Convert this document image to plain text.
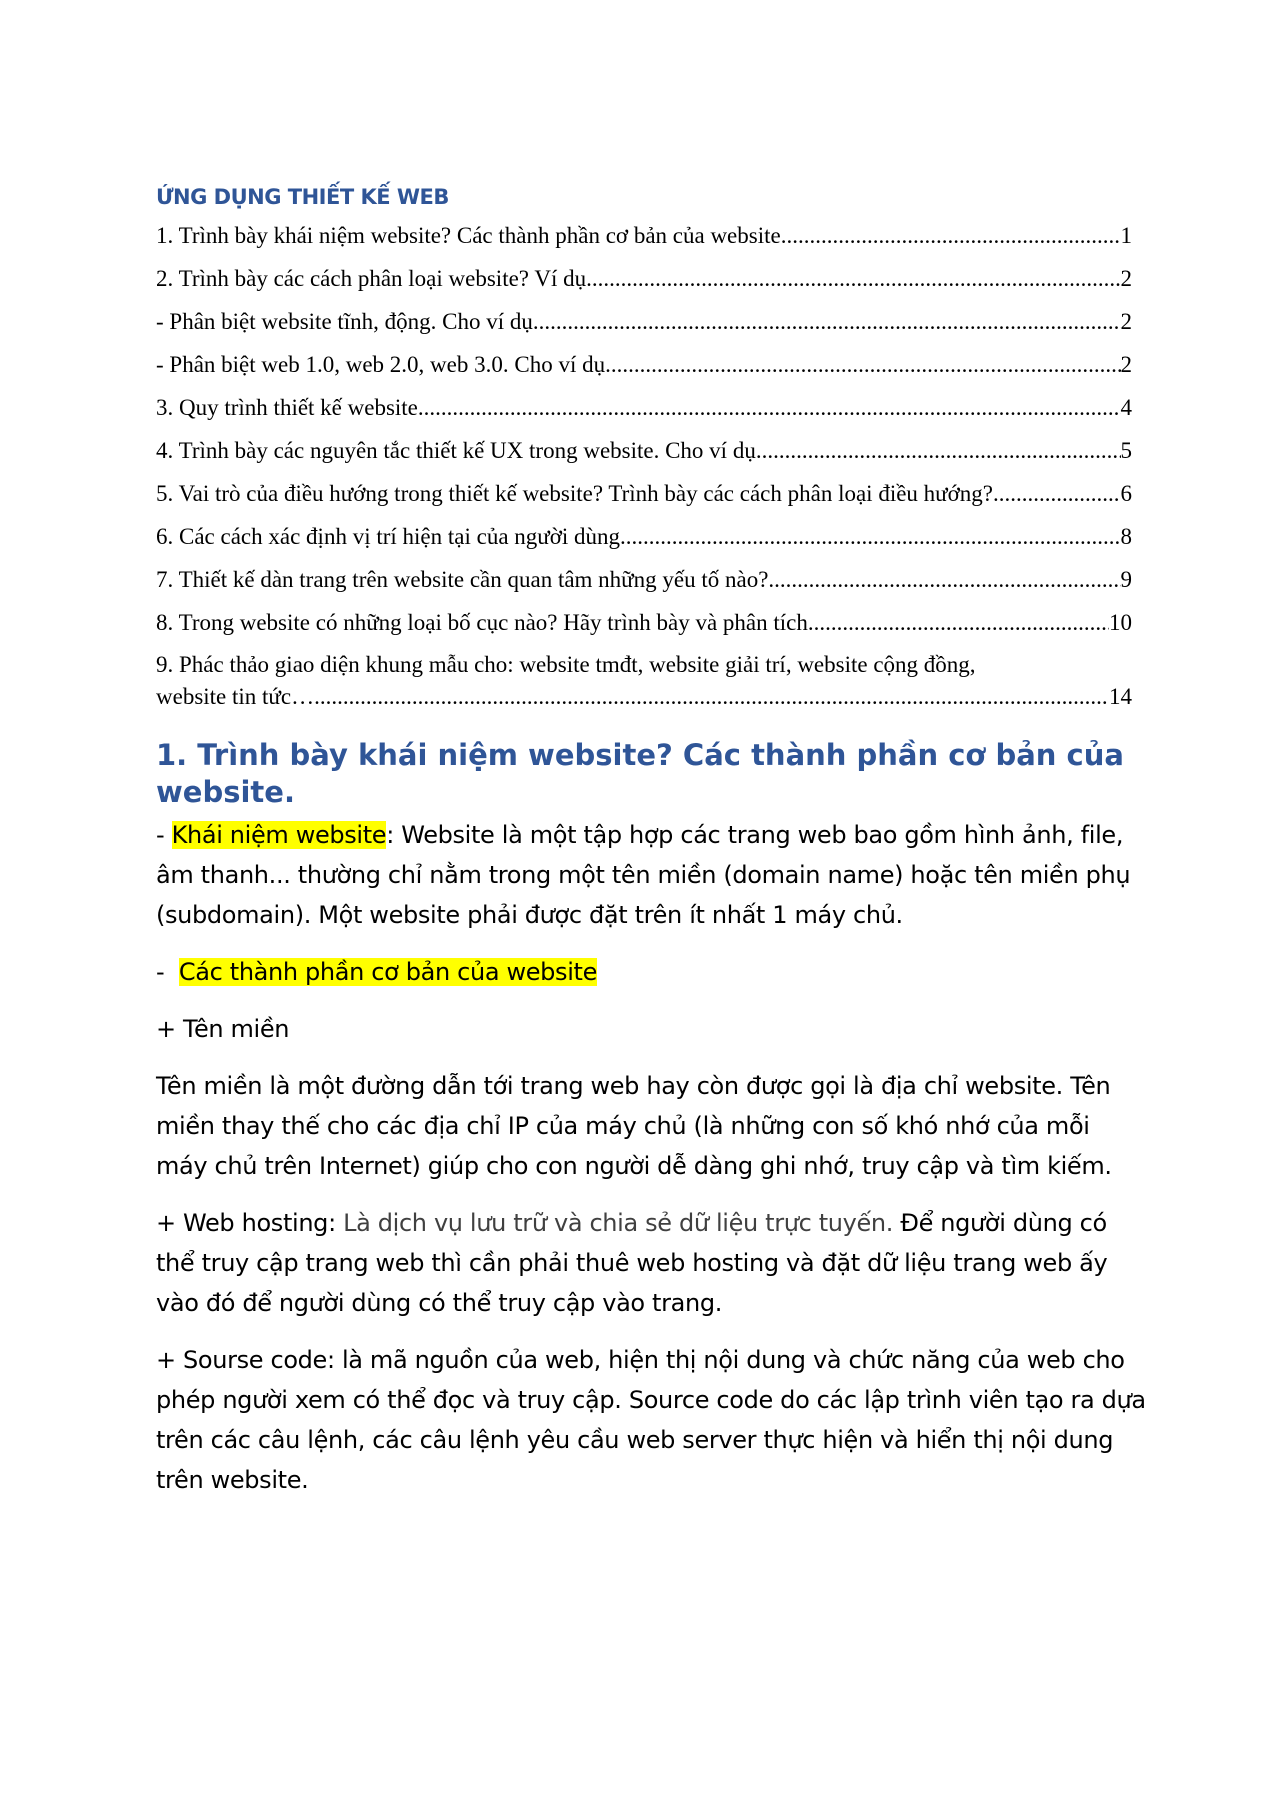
ỨNG DỤNG THIẾT KẾ WEB
1. Trình bày khái niệm website? Các thành phần cơ bản của website. .....	1
2. Trình bày các cách phân loại website? Ví dụ. .....	2
- Phân biệt website tĩnh, động. Cho ví dụ .....	2
- Phân biệt web 1.0, web 2.0, web 3.0. Cho ví dụ. .....	2
3. Quy trình thiết kế website. .....	4
4. Trình bày các nguyên tắc thiết kế UX trong website. Cho ví dụ. .....	5
5. Vai trò của điều hướng trong thiết kế website? Trình bày các cách phân loại điều hướng?. .....	6
6. Các cách xác định vị trí hiện tại của người dùng. .....	8
7. Thiết kế dàn trang trên website cần quan tâm những yếu tố nào? .....	9
8. Trong website có những loại bố cục nào? Hãy trình bày và phân tích .....	10
9. Phác thảo giao diện khung mẫu cho: website tmđt, website giải trí, website cộng đồng,
website tin tức… .....	14
1. Trình bày khái niệm website? Các thành phần cơ bản của website.

- Khái niệm website: Website là một tập hợp các trang web bao gồm hình ảnh, file, âm thanh... thường chỉ nằm trong một tên miền (domain name) hoặc tên miền phụ (subdomain). Một website phải được đặt trên ít nhất 1 máy chủ.

-  Các thành phần cơ bản của website

+ Tên miền

Tên miền là một đường dẫn tới trang web hay còn được gọi là địa chỉ website. Tên miền thay thế cho các địa chỉ IP của máy chủ (là những con số khó nhớ của mỗi máy chủ trên Internet) giúp cho con người dễ dàng ghi nhớ, truy cập và tìm kiếm.

+ Web hosting: Là dịch vụ lưu trữ và chia sẻ dữ liệu trực tuyến. Để người dùng có thể truy cập trang web thì cần phải thuê web hosting và đặt dữ liệu trang web ấy vào đó để người dùng có thể truy cập vào trang.

+ Sourse code: là mã nguồn của web, hiện thị nội dung và chức năng của web cho phép người xem có thể đọc và truy cập. Source code do các lập trình viên tạo ra dựa trên các câu lệnh, các câu lệnh yêu cầu web server thực hiện và hiển thị nội dung trên website.
